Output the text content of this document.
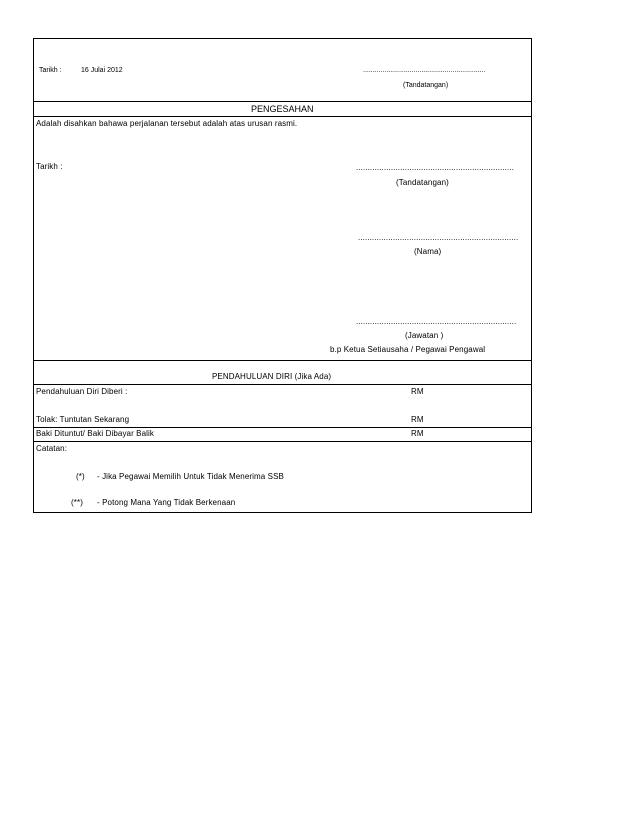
Tarikh :	16 Julai 2012	...............................................................
(Tandatangan)
PENGESAHAN
Adalah disahkan bahawa perjalanan tersebut adalah atas urusan rasmi.
Tarikh :	....................................................................
(Tandatangan)
.....................................................................
(Nama)
.....................................................................
(Jawatan )
b.p Ketua Setiausaha / Pegawai Pengawal
PENDAHULUAN DIRI (Jika Ada)
Pendahuluan Diri Diberi :	RM
Tolak: Tuntutan Sekarang	RM
Baki Dituntut/ Baki Dibayar Balik	RM
Catatan:
(*) - Jika Pegawai Memilih Untuk Tidak Menerima SSB
(**) - Potong Mana Yang Tidak Berkenaan
